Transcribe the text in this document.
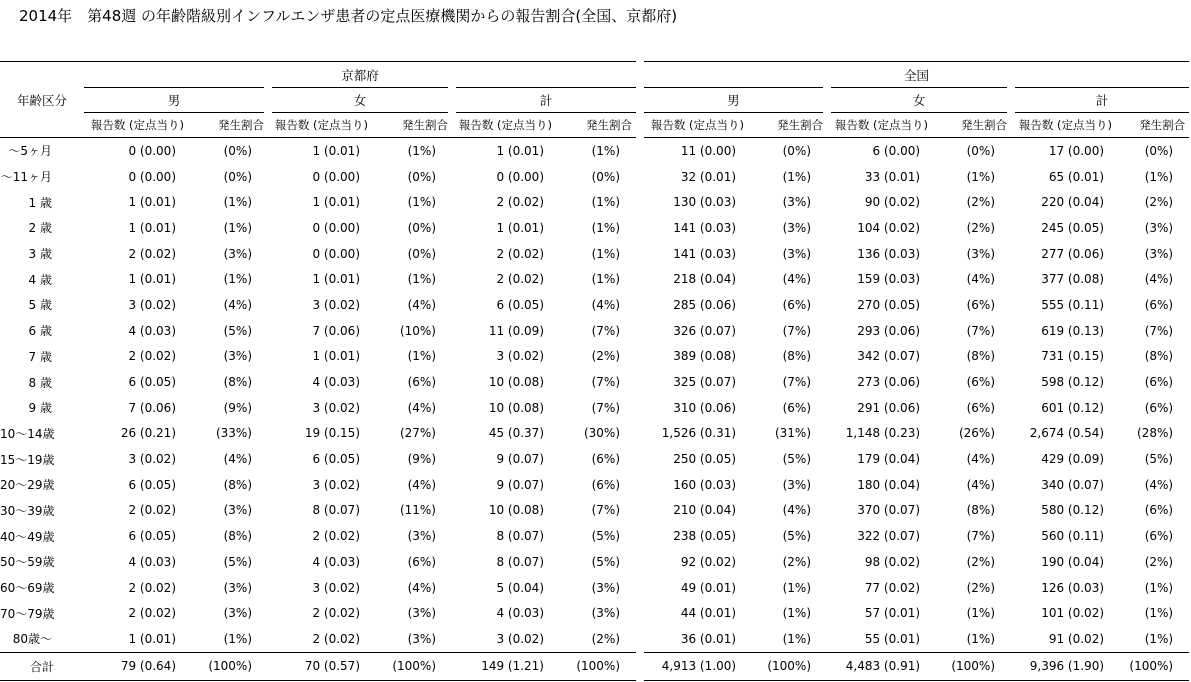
2014年　第48週 の年齢階級別インフルエンザ患者の定点医療機関からの報告割合(全国、京都府)
年齢区分	京都府							全国					
	男		女		計			男		女		計	
	報告数 (定点当り)	発生割合	報告数 (定点当り)	発生割合	報告数 (定点当り)	発生割合		報告数 (定点当り)	発生割合	報告数 (定点当り)	発生割合	報告数 (定点当り)	発生割合
～5ヶ月	0 (0.00)	(0%)	1 (0.01)	(1%)	1 (0.01)	(1%)		11 (0.00)	(0%)	6 (0.00)	(0%)	17 (0.00)	(0%)
～11ヶ月	0 (0.00)	(0%)	0 (0.00)	(0%)	0 (0.00)	(0%)		32 (0.01)	(1%)	33 (0.01)	(1%)	65 (0.01)	(1%)
1 歳	1 (0.01)	(1%)	1 (0.01)	(1%)	2 (0.02)	(1%)		130 (0.03)	(3%)	90 (0.02)	(2%)	220 (0.04)	(2%)
2 歳	1 (0.01)	(1%)	0 (0.00)	(0%)	1 (0.01)	(1%)		141 (0.03)	(3%)	104 (0.02)	(2%)	245 (0.05)	(3%)
3 歳	2 (0.02)	(3%)	0 (0.00)	(0%)	2 (0.02)	(1%)		141 (0.03)	(3%)	136 (0.03)	(3%)	277 (0.06)	(3%)
4 歳	1 (0.01)	(1%)	1 (0.01)	(1%)	2 (0.02)	(1%)		218 (0.04)	(4%)	159 (0.03)	(4%)	377 (0.08)	(4%)
5 歳	3 (0.02)	(4%)	3 (0.02)	(4%)	6 (0.05)	(4%)		285 (0.06)	(6%)	270 (0.05)	(6%)	555 (0.11)	(6%)
6 歳	4 (0.03)	(5%)	7 (0.06)	(10%)	11 (0.09)	(7%)		326 (0.07)	(7%)	293 (0.06)	(7%)	619 (0.13)	(7%)
7 歳	2 (0.02)	(3%)	1 (0.01)	(1%)	3 (0.02)	(2%)		389 (0.08)	(8%)	342 (0.07)	(8%)	731 (0.15)	(8%)
8 歳	6 (0.05)	(8%)	4 (0.03)	(6%)	10 (0.08)	(7%)		325 (0.07)	(7%)	273 (0.06)	(6%)	598 (0.12)	(6%)
9 歳	7 (0.06)	(9%)	3 (0.02)	(4%)	10 (0.08)	(7%)		310 (0.06)	(6%)	291 (0.06)	(6%)	601 (0.12)	(6%)
10～14歳	26 (0.21)	(33%)	19 (0.15)	(27%)	45 (0.37)	(30%)		1,526 (0.31)	(31%)	1,148 (0.23)	(26%)	2,674 (0.54)	(28%)
15～19歳	3 (0.02)	(4%)	6 (0.05)	(9%)	9 (0.07)	(6%)		250 (0.05)	(5%)	179 (0.04)	(4%)	429 (0.09)	(5%)
20～29歳	6 (0.05)	(8%)	3 (0.02)	(4%)	9 (0.07)	(6%)		160 (0.03)	(3%)	180 (0.04)	(4%)	340 (0.07)	(4%)
30～39歳	2 (0.02)	(3%)	8 (0.07)	(11%)	10 (0.08)	(7%)		210 (0.04)	(4%)	370 (0.07)	(8%)	580 (0.12)	(6%)
40～49歳	6 (0.05)	(8%)	2 (0.02)	(3%)	8 (0.07)	(5%)		238 (0.05)	(5%)	322 (0.07)	(7%)	560 (0.11)	(6%)
50～59歳	4 (0.03)	(5%)	4 (0.03)	(6%)	8 (0.07)	(5%)		92 (0.02)	(2%)	98 (0.02)	(2%)	190 (0.04)	(2%)
60～69歳	2 (0.02)	(3%)	3 (0.02)	(4%)	5 (0.04)	(3%)		49 (0.01)	(1%)	77 (0.02)	(2%)	126 (0.03)	(1%)
70～79歳	2 (0.02)	(3%)	2 (0.02)	(3%)	4 (0.03)	(3%)		44 (0.01)	(1%)	57 (0.01)	(1%)	101 (0.02)	(1%)
80歳～	1 (0.01)	(1%)	2 (0.02)	(3%)	3 (0.02)	(2%)		36 (0.01)	(1%)	55 (0.01)	(1%)	91 (0.02)	(1%)
合計	79 (0.64)	(100%)	70 (0.57)	(100%)	149 (1.21)	(100%)		4,913 (1.00)	(100%)	4,483 (0.91)	(100%)	9,396 (1.90)	(100%)
